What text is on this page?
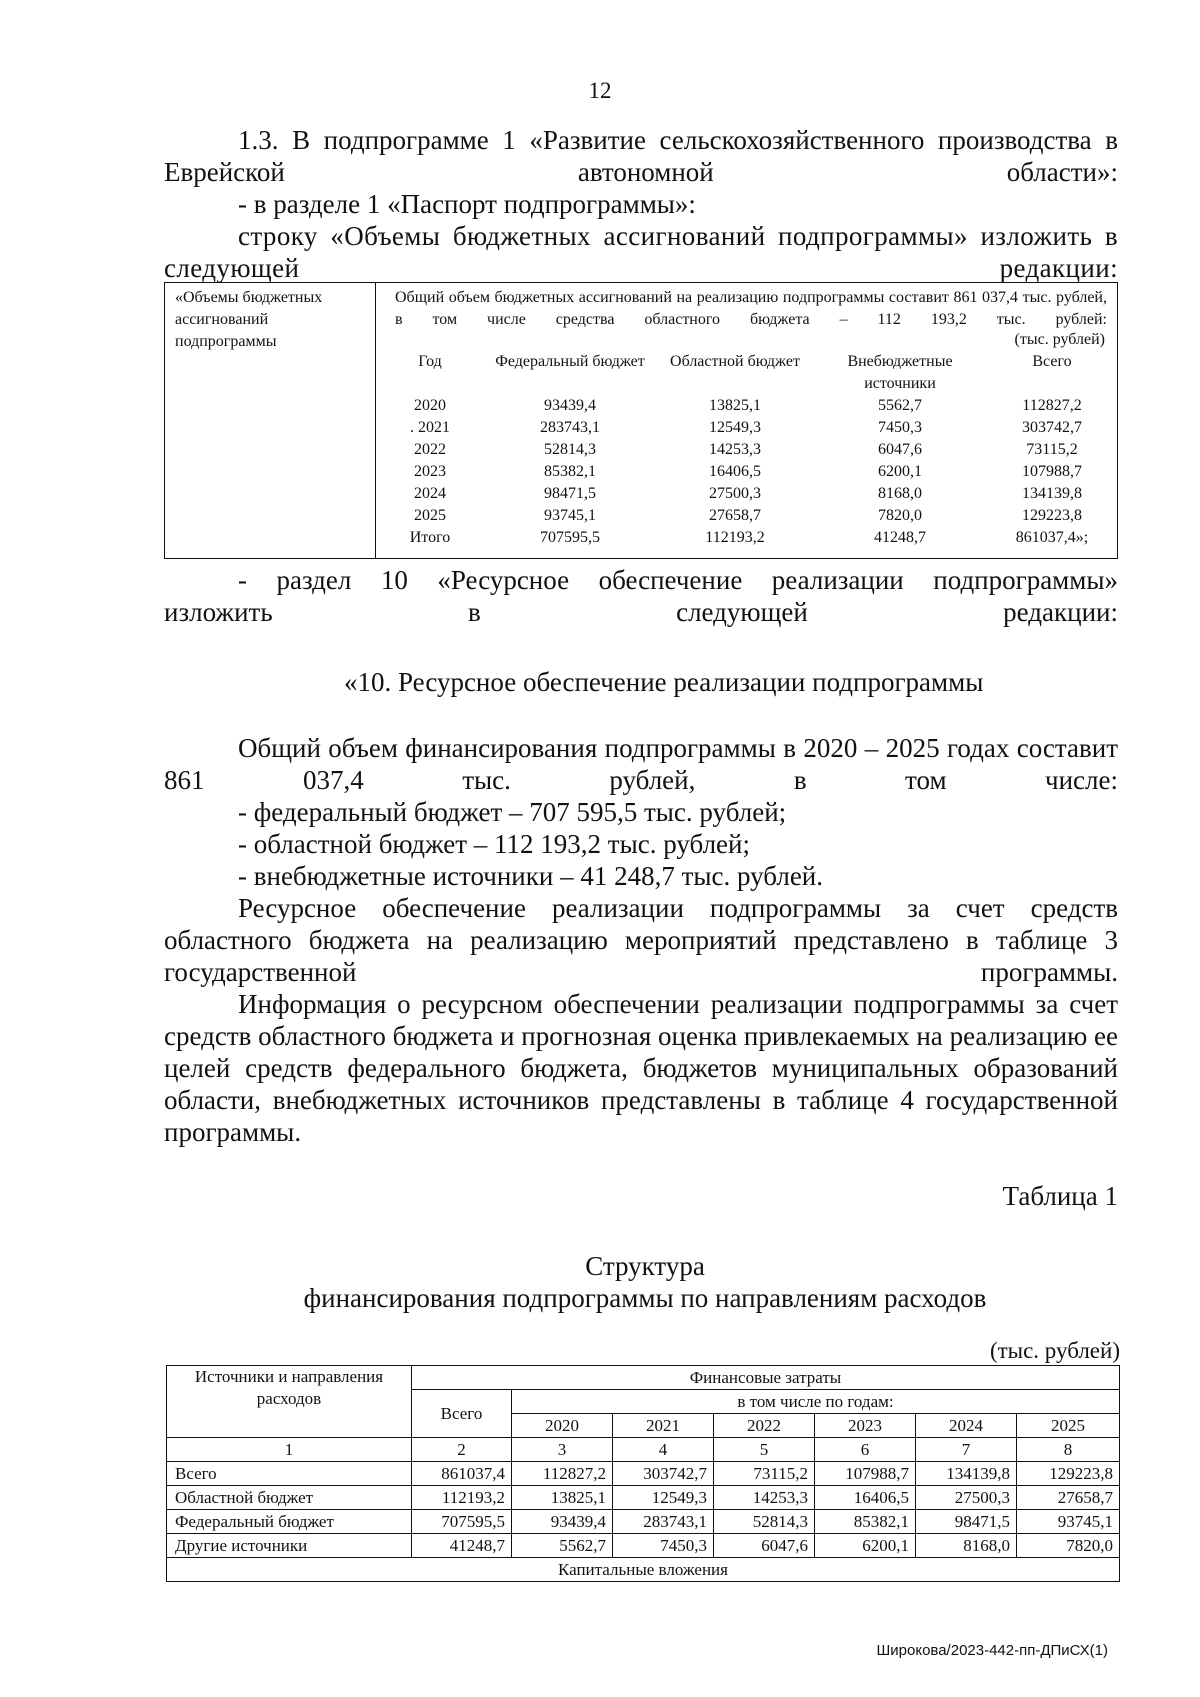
12
1.3. В подпрограмме 1 «Развитие сельскохозяйственного производства в Еврейской автономной области»:
- в разделе 1 «Паспорт подпрограммы»:
строку «Объемы бюджетных ассигнований подпрограммы» изложить в следующей редакции:
«Объемы бюджетных ассигнований подпрограммы
Общий объем бюджетных ассигнований на реализацию подпрограммы составит 861 037,4 тыс. рублей, в том числе средства областного бюджета – 112 193,2 тыс. рублей:
(тыс. рублей)
Год	Федеральный бюджет	Областной бюджет	Внебюджетные источники	Всего
2020	93439,4	13825,1	5562,7	112827,2
. 2021	283743,1	12549,3	7450,3	303742,7
2022	52814,3	14253,3	6047,6	73115,2
2023	85382,1	16406,5	6200,1	107988,7
2024	98471,5	27500,3	8168,0	134139,8
2025	93745,1	27658,7	7820,0	129223,8
Итого	707595,5	112193,2	41248,7	861037,4»;
- раздел 10 «Ресурсное обеспечение реализации подпрограммы» изложить в следующей редакции:
«10. Ресурсное обеспечение реализации подпрограммы
Общий объем финансирования подпрограммы в 2020 – 2025 годах составит 861 037,4 тыс. рублей, в том числе:
- федеральный бюджет – 707 595,5 тыс. рублей;
- областной бюджет – 112 193,2 тыс. рублей;
- внебюджетные источники – 41 248,7 тыс. рублей.
Ресурсное обеспечение реализации подпрограммы за счет средств областного бюджета на реализацию мероприятий представлено в таблице 3 государственной программы.
Информация о ресурсном обеспечении реализации подпрограммы за счет средств областного бюджета и прогнозная оценка привлекаемых на реализацию ее целей средств федерального бюджета, бюджетов муниципальных образований области, внебюджетных источников представлены в таблице 4 государственной программы.
Таблица 1
Структура
финансирования подпрограммы по направлениям расходов
(тыс. рублей)
Источники и направления расходов	Финансовые затраты						
	Всего	в том числе по годам:					
		2020	2021	2022	2023	2024	2025
1	2	3	4	5	6	7	8
Всего	861037,4	112827,2	303742,7	73115,2	107988,7	134139,8	129223,8
Областной бюджет	112193,2	13825,1	12549,3	14253,3	16406,5	27500,3	27658,7
Федеральный бюджет	707595,5	93439,4	283743,1	52814,3	85382,1	98471,5	93745,1
Другие источники	41248,7	5562,7	7450,3	6047,6	6200,1	8168,0	7820,0
Капитальные вложения							
Широкова/2023-442-пп-ДПиСХ(1)
